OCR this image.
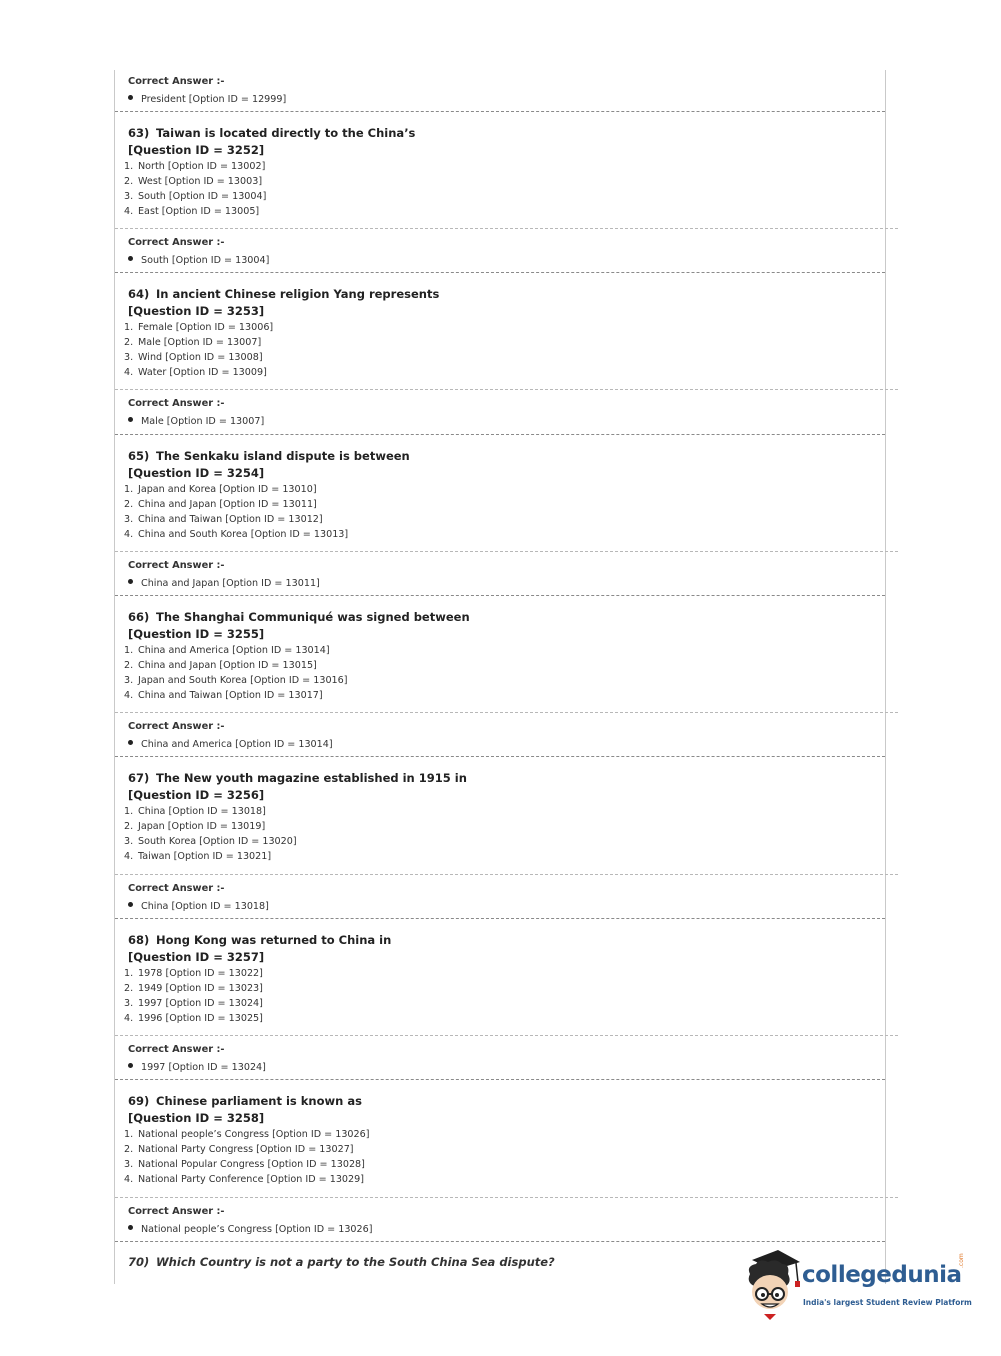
Correct Answer :-
President [Option ID = 12999]
63) Taiwan is located directly to the China’s
[Question ID = 3252]
1. North [Option ID = 13002]
2. West [Option ID = 13003]
3. South [Option ID = 13004]
4. East [Option ID = 13005]
Correct Answer :-
South [Option ID = 13004]
64) In ancient Chinese religion Yang represents
[Question ID = 3253]
1. Female [Option ID = 13006]
2. Male [Option ID = 13007]
3. Wind [Option ID = 13008]
4. Water [Option ID = 13009]
Correct Answer :-
Male [Option ID = 13007]
65) The Senkaku island dispute is between
[Question ID = 3254]
1. Japan and Korea [Option ID = 13010]
2. China and Japan [Option ID = 13011]
3. China and Taiwan [Option ID = 13012]
4. China and South Korea [Option ID = 13013]
Correct Answer :-
China and Japan [Option ID = 13011]
66) The Shanghai Communiqué was signed between
[Question ID = 3255]
1. China and America [Option ID = 13014]
2. China and Japan [Option ID = 13015]
3. Japan and South Korea [Option ID = 13016]
4. China and Taiwan [Option ID = 13017]
Correct Answer :-
China and America [Option ID = 13014]
67) The New youth magazine established in 1915 in
[Question ID = 3256]
1. China [Option ID = 13018]
2. Japan [Option ID = 13019]
3. South Korea [Option ID = 13020]
4. Taiwan [Option ID = 13021]
Correct Answer :-
China [Option ID = 13018]
68) Hong Kong was returned to China in
[Question ID = 3257]
1. 1978 [Option ID = 13022]
2. 1949 [Option ID = 13023]
3. 1997 [Option ID = 13024]
4. 1996 [Option ID = 13025]
Correct Answer :-
1997 [Option ID = 13024]
69) Chinese parliament is known as
[Question ID = 3258]
1. National people’s Congress [Option ID = 13026]
2. National Party Congress [Option ID = 13027]
3. National Popular Congress [Option ID = 13028]
4. National Party Conference [Option ID = 13029]
Correct Answer :-
National people’s Congress [Option ID = 13026]
70) Which Country is not a party to the South China Sea dispute?	collegedunia
.com
India's largest Student Review Platform
